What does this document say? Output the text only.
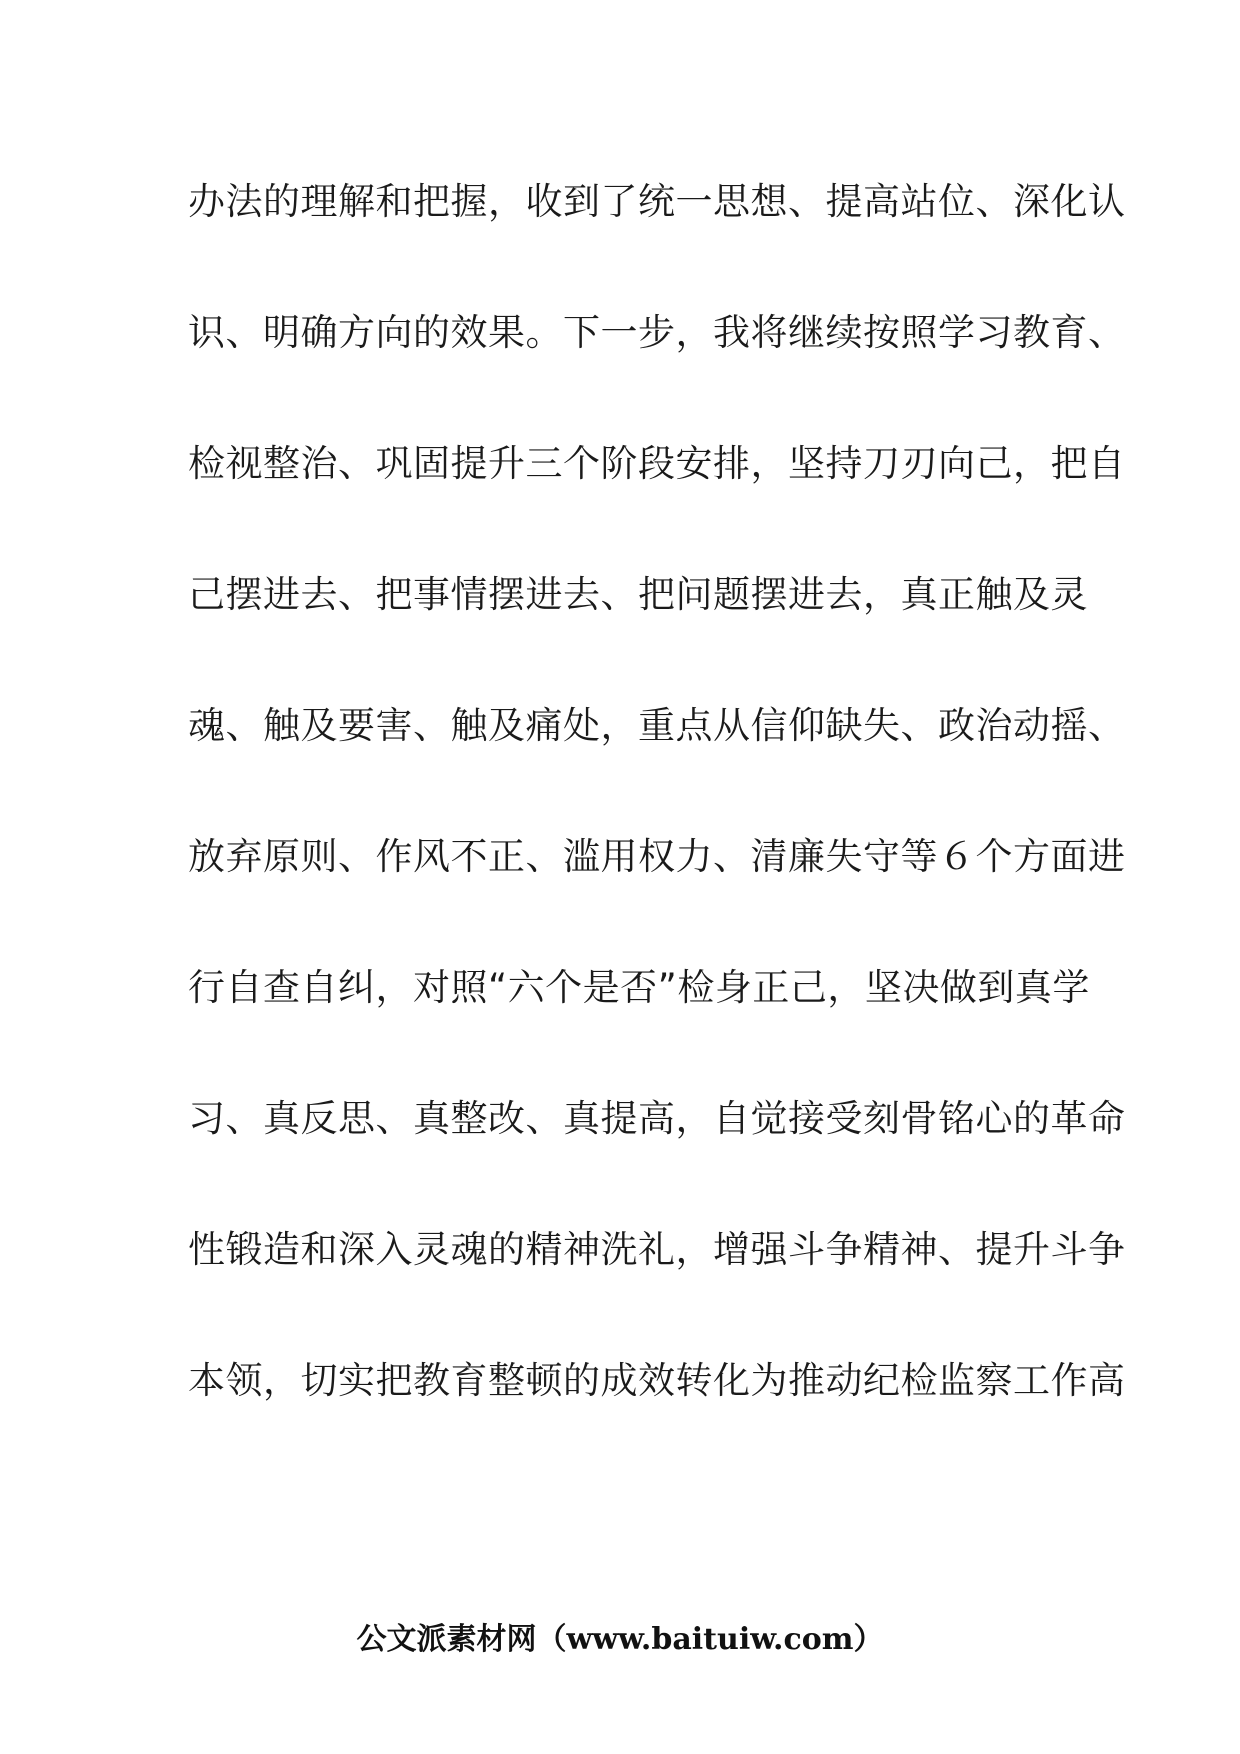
办法的理解和把握，收到了统一思想、提高站位、深化认
识、明确方向的效果。下一步，我将继续按照学习教育、
检视整治、巩固提升三个阶段安排，坚持刀刃向己，把自
己摆进去、把事情摆进去、把问题摆进去，真正触及灵
魂、触及要害、触及痛处，重点从信仰缺失、政治动摇、
放弃原则、作风不正、滥用权力、清廉失守等６个方面进
行自查自纠，对照“六个是否”检身正己，坚决做到真学
习、真反思、真整改、真提高，自觉接受刻骨铭心的革命
性锻造和深入灵魂的精神洗礼，增强斗争精神、提升斗争
本领，切实把教育整顿的成效转化为推动纪检监察工作高
公文派素材网（www.baituiw.com）
